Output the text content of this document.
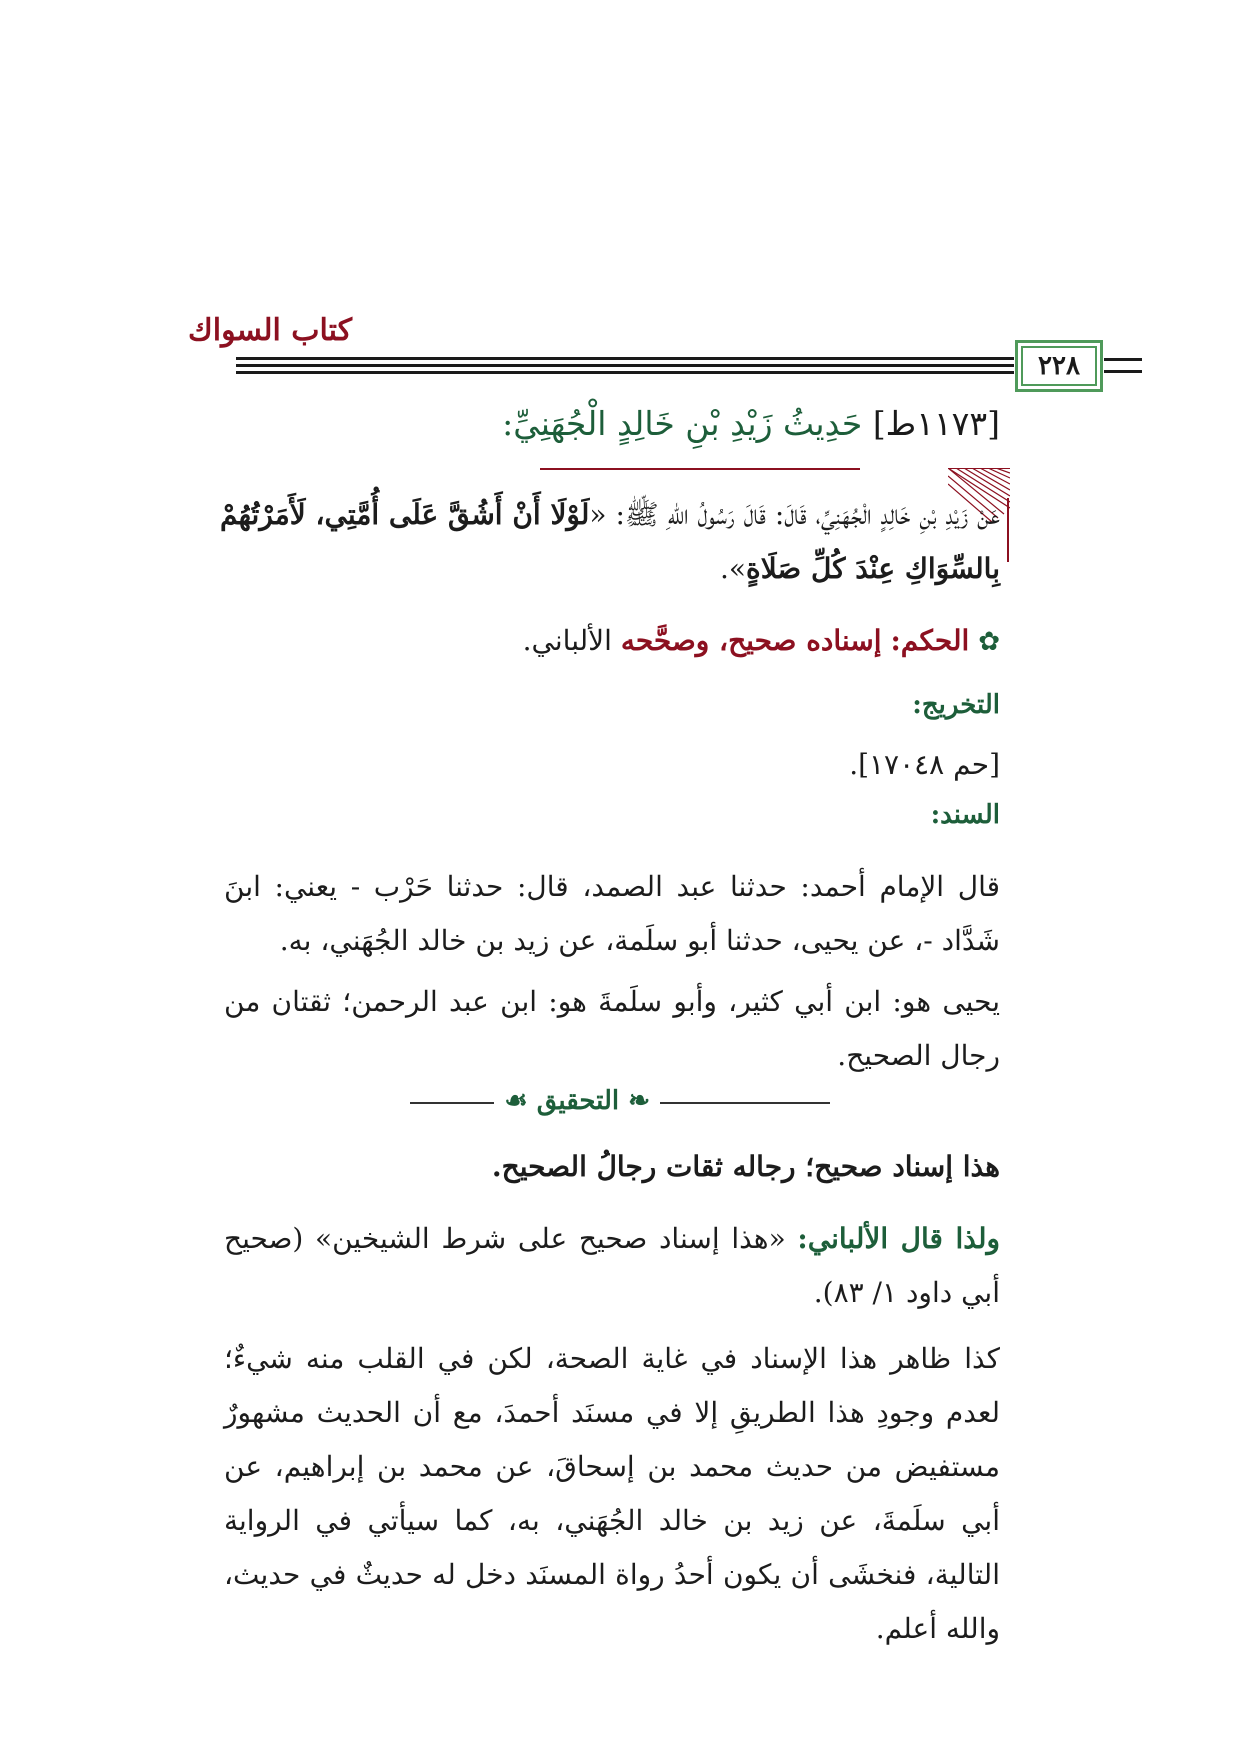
كتاب السواك
٢٢٨
[١١٧٣ط] حَدِيثُ زَيْدِ بْنِ خَالِدٍ الْجُهَنِيِّ:
عَنْ زَيْدِ بْنِ خَالِدٍ الْجُهَنِيِّ، قَالَ: قَالَ رَسُولُ اللهِ ﷺ: «لَوْلَا أَنْ أَشُقَّ عَلَى أُمَّتِي، لَأَمَرْتُهُمْ بِالسِّوَاكِ عِنْدَ كُلِّ صَلَاةٍ».
✿ الحكم: إسناده صحيح، وصحَّحه الألباني.
التخريج:
[حم ١٧٠٤٨].
السند:
قال الإمام أحمد: حدثنا عبد الصمد، قال: حدثنا حَرْب - يعني: ابنَ شَدَّاد -، عن يحيى، حدثنا أبو سلَمة، عن زيد بن خالد الجُهَني، به.
يحيى هو: ابن أبي كثير، وأبو سلَمةَ هو: ابن عبد الرحمن؛ ثقتان من رجال الصحيح.
❧ التحقيق ☙
هذا إسناد صحيح؛ رجاله ثقات رجالُ الصحيح.
ولذا قال الألباني: «هذا إسناد صحيح على شرط الشيخين» (صحيح أبي داود ١/ ٨٣).
كذا ظاهر هذا الإسناد في غاية الصحة، لكن في القلب منه شيءٌ؛ لعدم وجودِ هذا الطريقِ إلا في مسنَد أحمدَ، مع أن الحديث مشهورٌ مستفيض من حديث محمد بن إسحاقَ، عن محمد بن إبراهيم، عن أبي سلَمةَ، عن زيد بن خالد الجُهَني، به، كما سيأتي في الرواية التالية، فنخشَى أن يكون أحدُ رواة المسنَد دخل له حديثٌ في حديث، والله أعلم.
